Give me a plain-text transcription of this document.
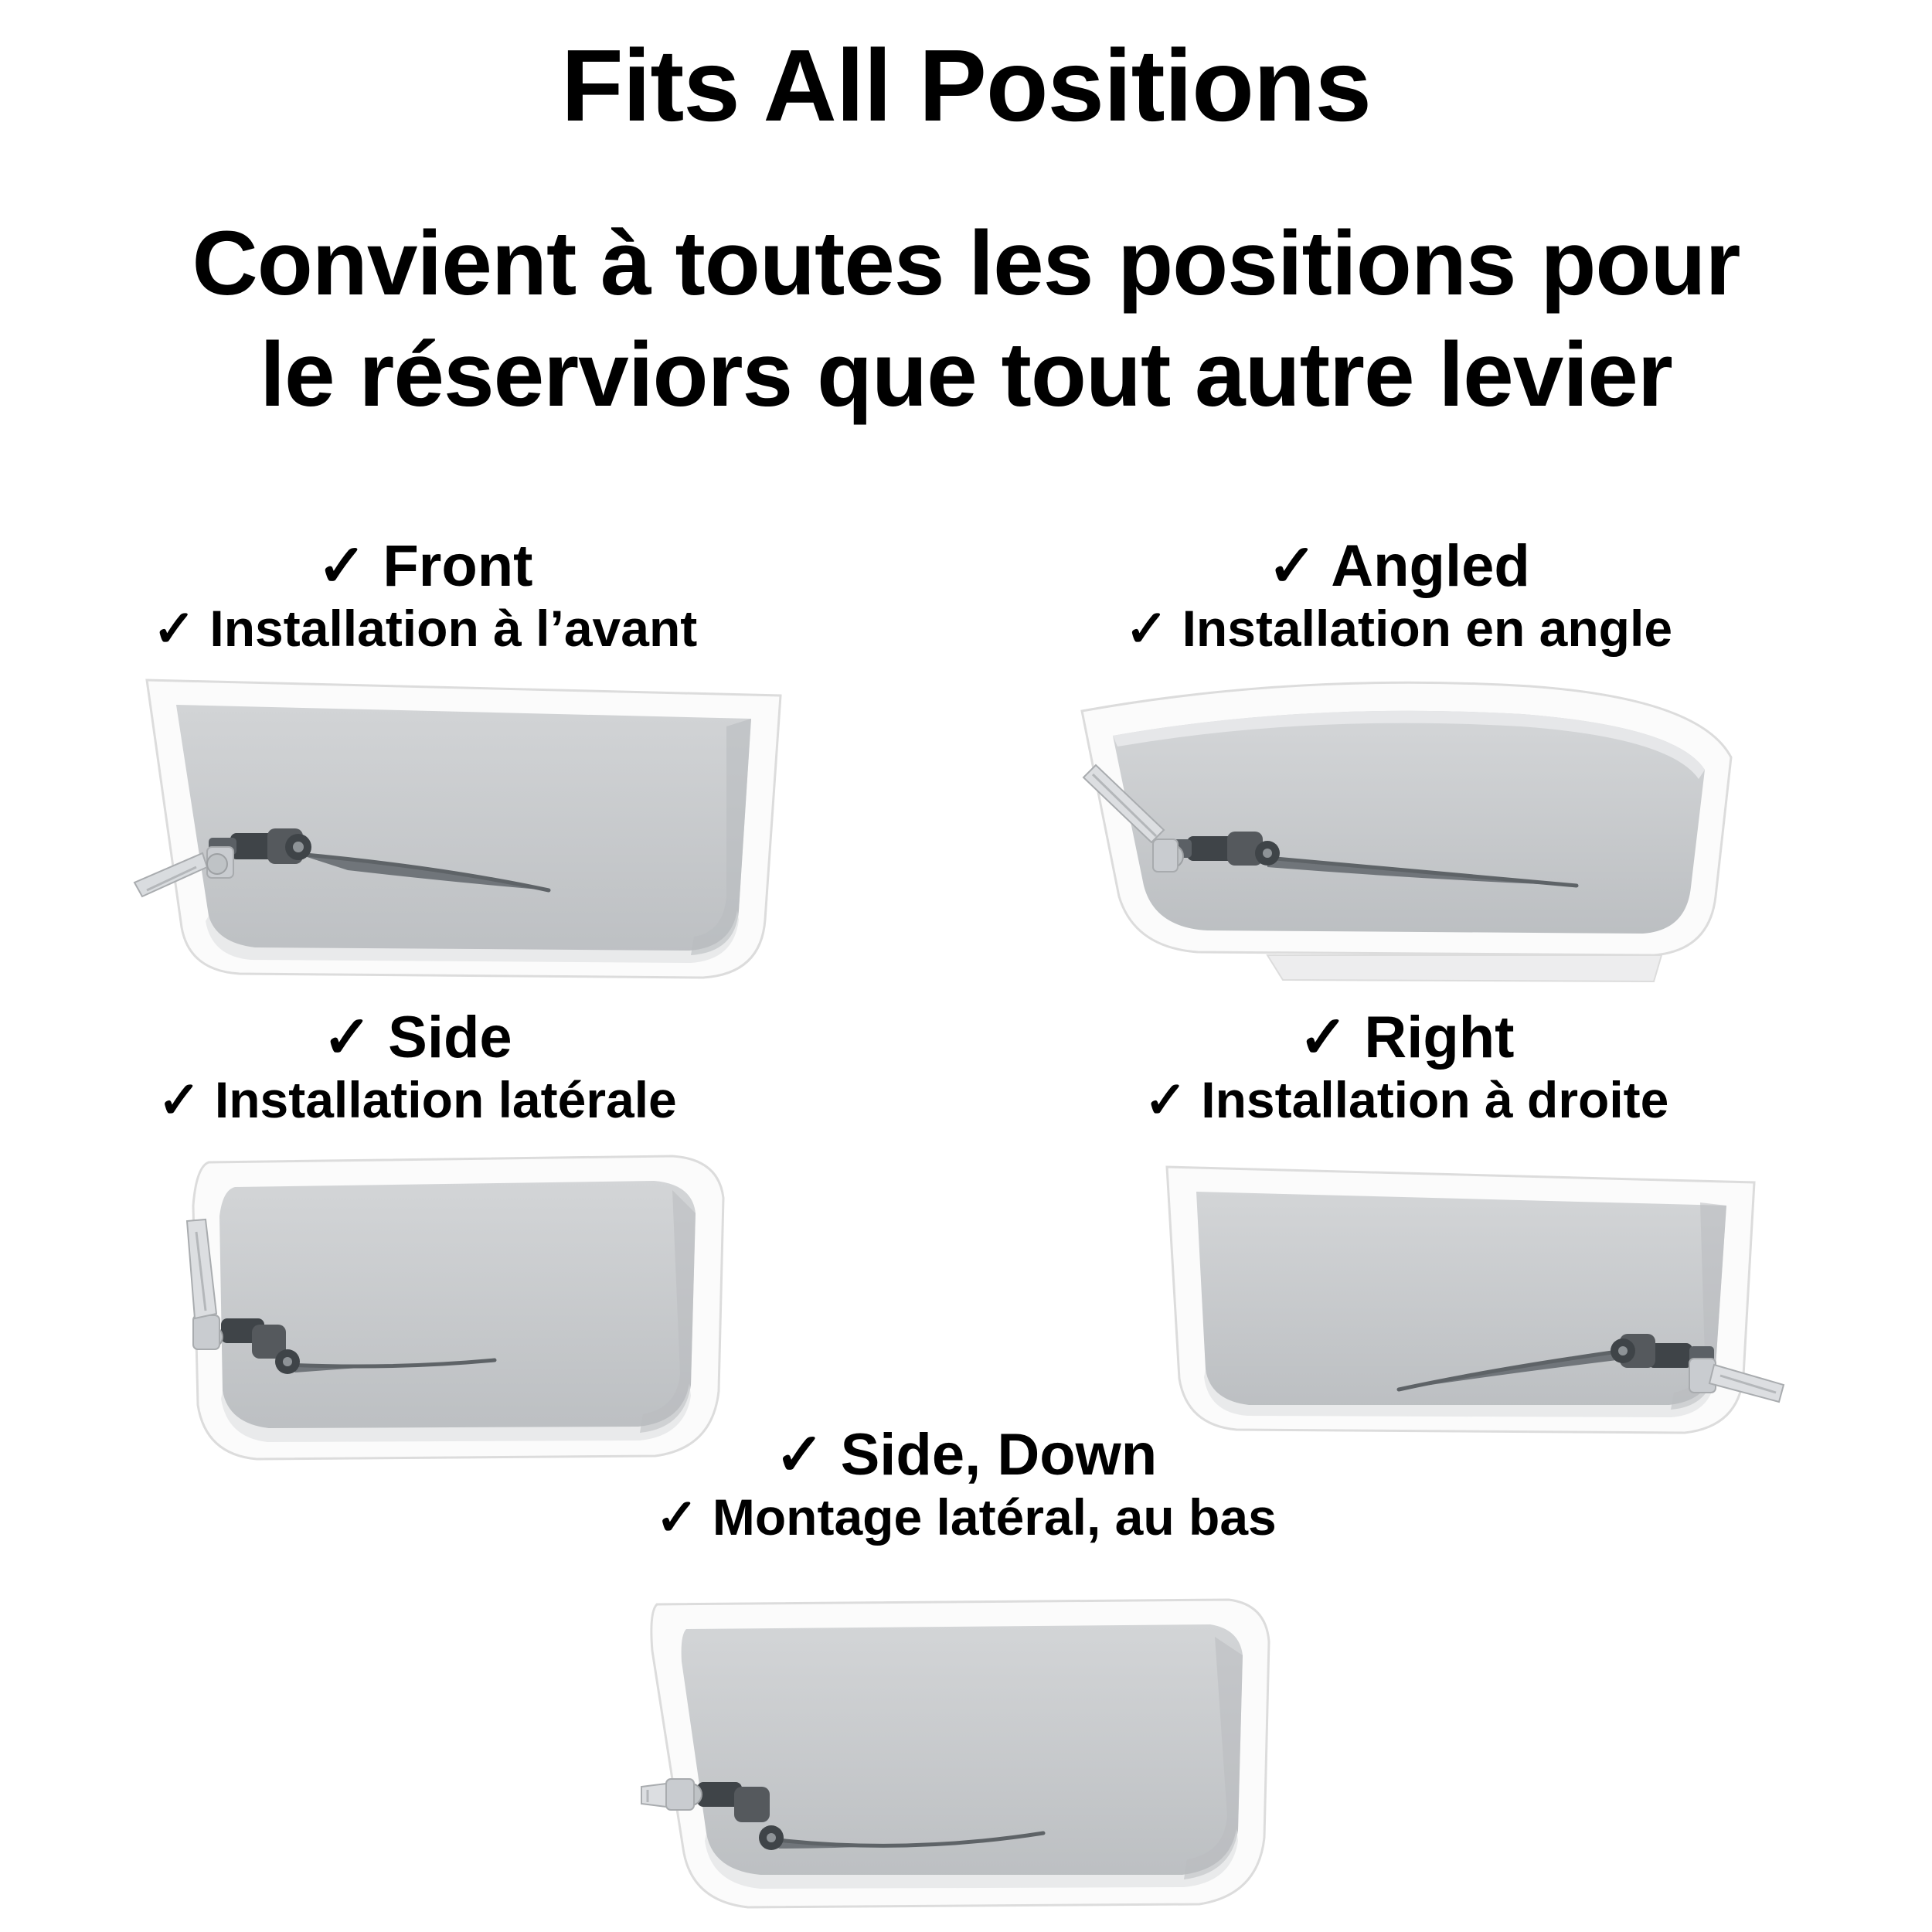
Fits All Positions
Convient à toutes les positions pour
le réserviors que tout autre levier
✓ Front
✓ Installation à l’avant
✓ Angled
✓ Installation en angle
✓ Side
✓ Installation latérale
✓ Right
✓ Installation à droite
✓ Side, Down
✓ Montage latéral, au bas
